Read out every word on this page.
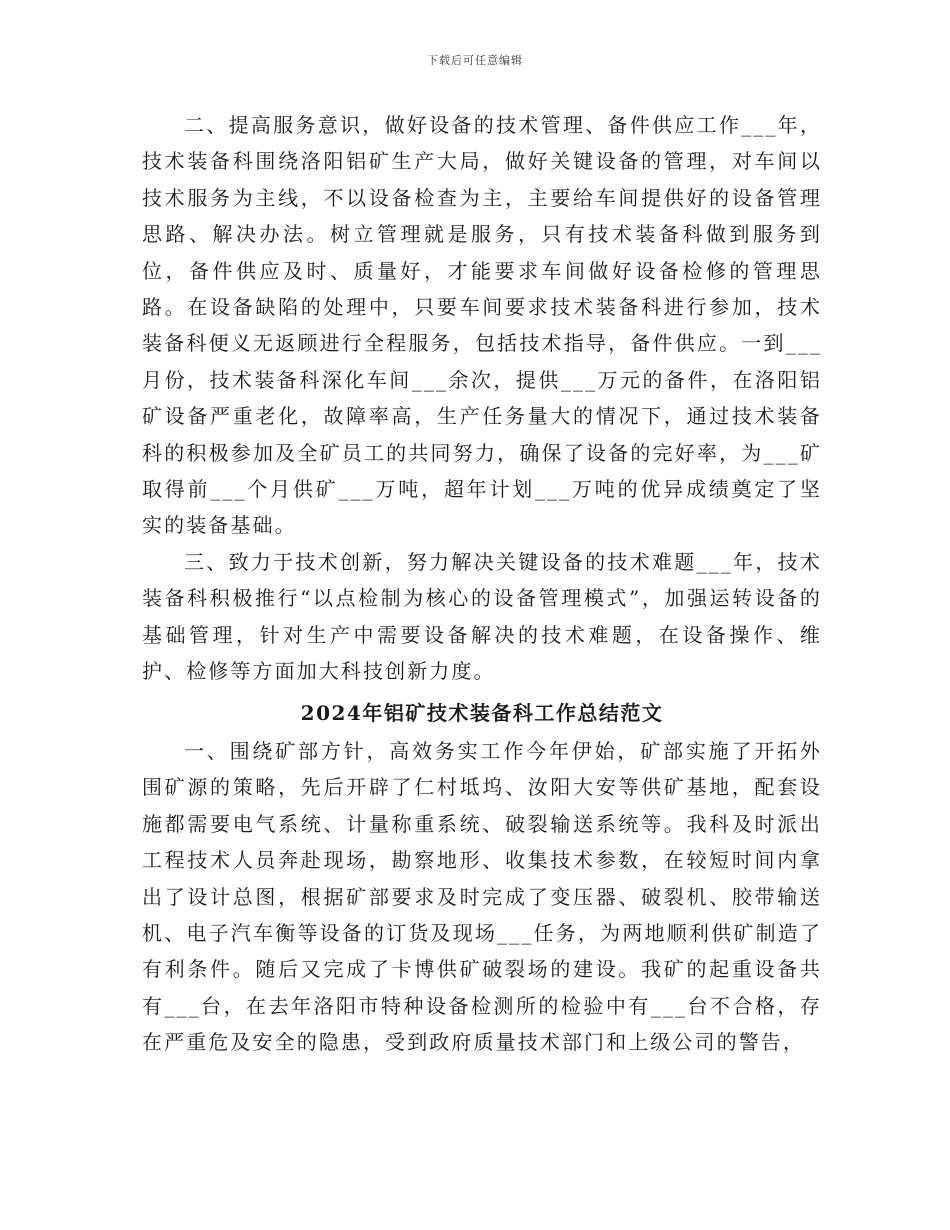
下载后可任意编辑

二、提高服务意识，做好设备的技术管理、备件供应工作___年，技术装备科围绕洛阳铝矿生产大局，做好关键设备的管理，对车间以技术服务为主线，不以设备检查为主，主要给车间提供好的设备管理思路、解决办法。树立管理就是服务，只有技术装备科做到服务到位，备件供应及时、质量好，才能要求车间做好设备检修的管理思路。在设备缺陷的处理中，只要车间要求技术装备科进行参加，技术装备科便义无返顾进行全程服务，包括技术指导，备件供应。一到___月份，技术装备科深化车间___余次，提供___万元的备件，在洛阳铝矿设备严重老化，故障率高，生产任务量大的情况下，通过技术装备科的积极参加及全矿员工的共同努力，确保了设备的完好率，为___矿取得前___个月供矿___万吨，超年计划___万吨的优异成绩奠定了坚实的装备基础。

三、致力于技术创新，努力解决关键设备的技术难题___年，技术装备科积极推行“以点检制为核心的设备管理模式”，加强运转设备的基础管理，针对生产中需要设备解决的技术难题，在设备操作、维护、检修等方面加大科技创新力度。

2024年铝矿技术装备科工作总结范文

一、围绕矿部方针，高效务实工作今年伊始，矿部实施了开拓外围矿源的策略，先后开辟了仁村坻坞、汝阳大安等供矿基地，配套设施都需要电气系统、计量称重系统、破裂输送系统等。我科及时派出工程技术人员奔赴现场，勘察地形、收集技术参数，在较短时间内拿出了设计总图，根据矿部要求及时完成了变压器、破裂机、胶带输送机、电子汽车衡等设备的订货及现场___任务，为两地顺利供矿制造了有利条件。随后又完成了卡博供矿破裂场的建设。我矿的起重设备共有___台，在去年洛阳市特种设备检测所的检验中有___台不合格，存在严重危及安全的隐患，受到政府质量技术部门和上级公司的警告，
